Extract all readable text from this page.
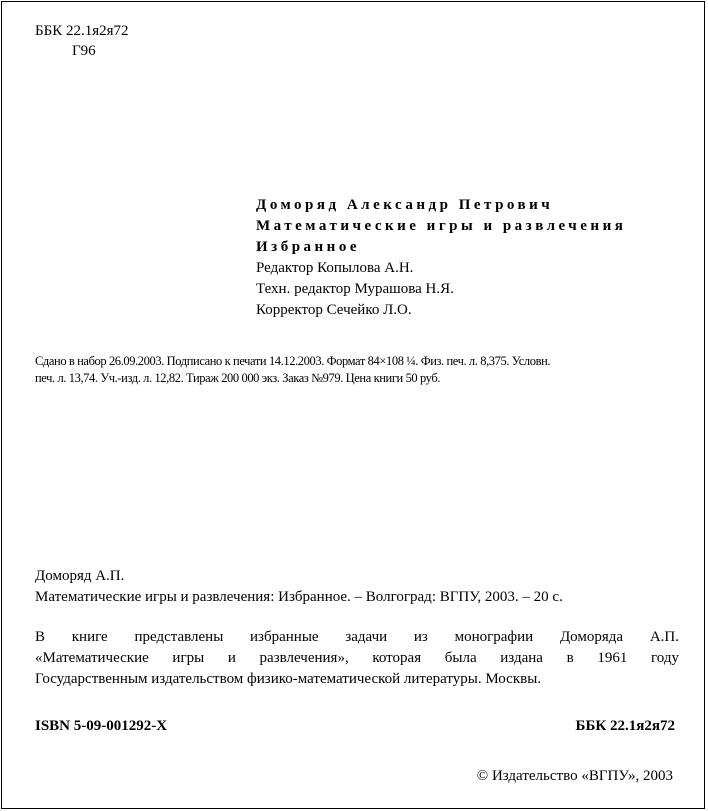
ББК 22.1я2я72
Г96
Доморяд Александр Петрович
Математические игры и развлечения
Избранное
Редактор Копылова А.Н.
Техн. редактор Мурашова Н.Я.
Корректор Сечейко Л.О.
Сдано в набор 26.09.2003. Подписано к печати 14.12.2003. Формат 84×108 ¼. Физ. печ. л. 8,375. Условн.
печ. л. 13,74. Уч.-изд. л. 12,82. Тираж 200 000 экз. Заказ №979. Цена книги 50 руб.
Доморяд А.П.
Математические игры и развлечения: Избранное. – Волгоград: ВГПУ, 2003. – 20 с.
В книге представлены избранные задачи из монографии Доморяда А.П.
«Математические игры и развлечения», которая была издана в 1961 году
Государственным издательством физико-математической литературы. Москвы.
ISBN 5-09-001292-Х	ББК 22.1я2я72
© Издательство «ВГПУ», 2003
